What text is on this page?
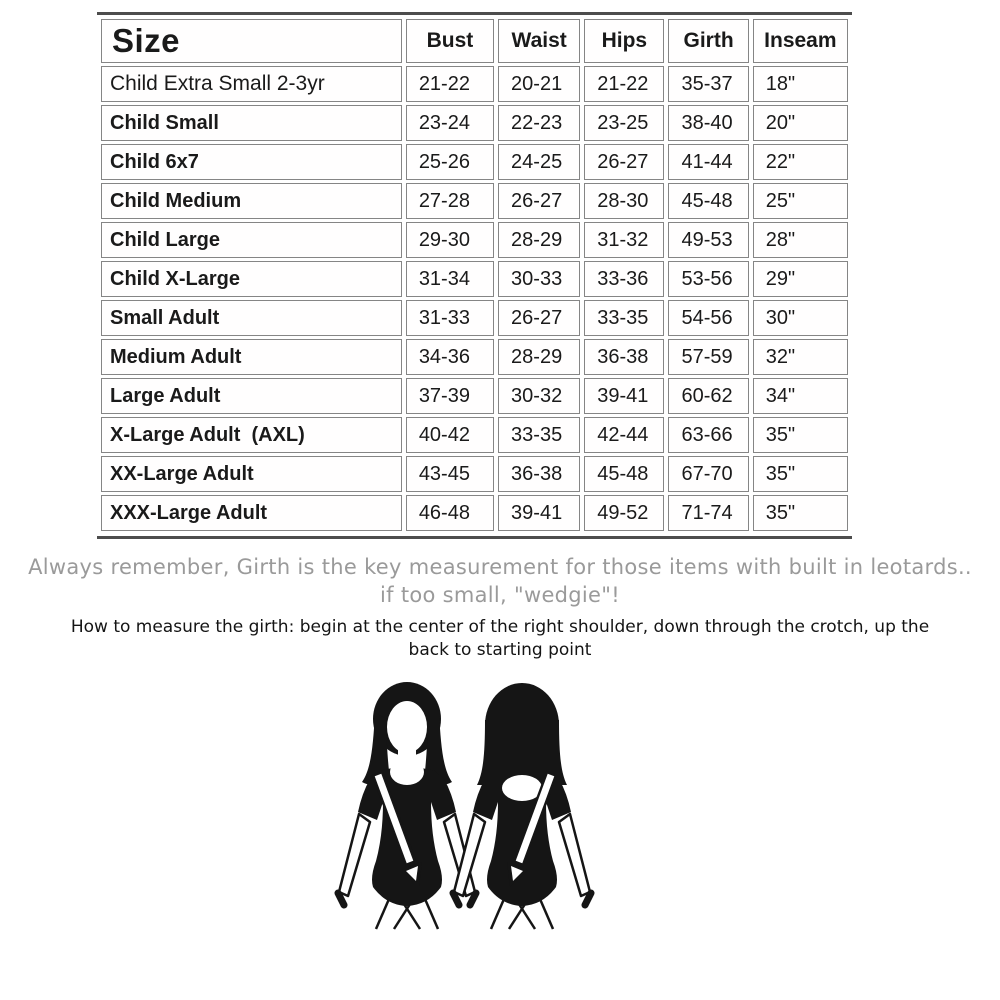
Size	Bust	Waist	Hips	Girth	Inseam
Child Extra Small 2-3yr	21-22	20-21	21-22	35-37	18"
Child Small	23-24	22-23	23-25	38-40	20"
Child 6x7	25-26	24-25	26-27	41-44	22"
Child Medium	27-28	26-27	28-30	45-48	25"
Child Large	29-30	28-29	31-32	49-53	28"
Child X-Large	31-34	30-33	33-36	53-56	29"
Small Adult	31-33	26-27	33-35	54-56	30"
Medium Adult	34-36	28-29	36-38	57-59	32"
Large Adult	37-39	30-32	39-41	60-62	34"
X-Large Adult  (AXL)	40-42	33-35	42-44	63-66	35"
XX-Large Adult	43-45	36-38	45-48	67-70	35"
XXX-Large Adult	46-48	39-41	49-52	71-74	35"
Always remember, Girth is the key measurement for those items with built in leotards..
if too small, "wedgie"!
How to measure the girth: begin at the center of the right shoulder, down through the crotch, up the
back to starting point
